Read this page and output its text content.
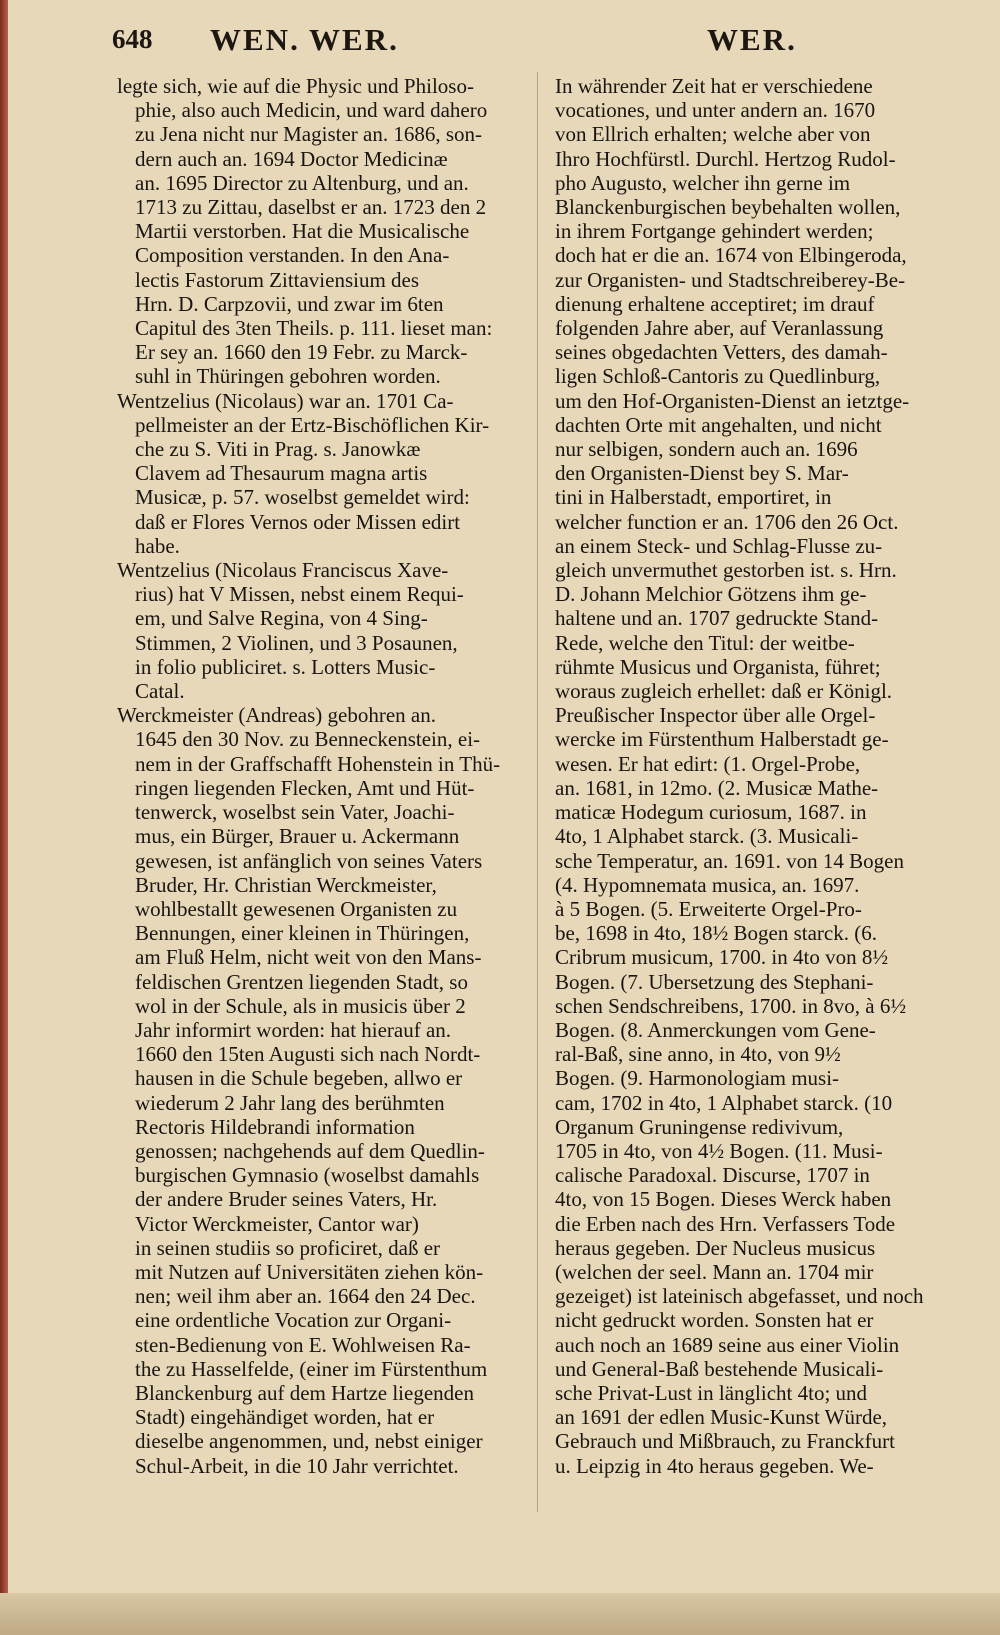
648 WEN. WER.	WER.
legte sich, wie auf die Physic und Philoso-
phie, also auch Medicin, und ward dahero
zu Jena nicht nur Magister an. 1686, son-
dern auch an. 1694 Doctor Medicinæ
an. 1695 Director zu Altenburg, und an.
1713 zu Zittau, daselbst er an. 1723 den 2
Martii verstorben. Hat die Musicalische
Composition verstanden. In den Ana-
lectis Fastorum Zittaviensium des
Hrn. D. Carpzovii, und zwar im 6ten
Capitul des 3ten Theils. p. 111. lieset man:
Er sey an. 1660 den 19 Febr. zu Marck-
suhl in Thüringen gebohren worden.
Wentzelius (Nicolaus) war an. 1701 Ca-
pellmeister an der Ertz-Bischöflichen Kir-
che zu S. Viti in Prag. s. Janowkæ
Clavem ad Thesaurum magna artis
Musicæ, p. 57. woselbst gemeldet wird:
daß er Flores Vernos oder Missen edirt
habe.
Wentzelius (Nicolaus Franciscus Xave-
rius) hat V Missen, nebst einem Requi-
em, und Salve Regina, von 4 Sing-
Stimmen, 2 Violinen, und 3 Posaunen,
in folio publiciret. s. Lotters Music-
Catal.
Werckmeister (Andreas) gebohren an.
1645 den 30 Nov. zu Benneckenstein, ei-
nem in der Graffschafft Hohenstein in Thü-
ringen liegenden Flecken, Amt und Hüt-
tenwerck, woselbst sein Vater, Joachi-
mus, ein Bürger, Brauer u. Ackermann
gewesen, ist anfänglich von seines Vaters
Bruder, Hr. Christian Werckmeister,
wohlbestallt gewesenen Organisten zu
Bennungen, einer kleinen in Thüringen,
am Fluß Helm, nicht weit von den Mans-
feldischen Grentzen liegenden Stadt, so
wol in der Schule, als in musicis über 2
Jahr informirt worden: hat hierauf an.
1660 den 15ten Augusti sich nach Nordt-
hausen in die Schule begeben, allwo er
wiederum 2 Jahr lang des berühmten
Rectoris Hildebrandi information
genossen; nachgehends auf dem Quedlin-
burgischen Gymnasio (woselbst damahls
der andere Bruder seines Vaters, Hr.
Victor Werckmeister, Cantor war)
in seinen studiis so proficiret, daß er
mit Nutzen auf Universitäten ziehen kön-
nen; weil ihm aber an. 1664 den 24 Dec.
eine ordentliche Vocation zur Organi-
sten-Bedienung von E. Wohlweisen Ra-
the zu Hasselfelde, (einer im Fürstenthum
Blanckenburg auf dem Hartze liegenden
Stadt) eingehändiget worden, hat er
dieselbe angenommen, und, nebst einiger
Schul-Arbeit, in die 10 Jahr verrichtet.
In währender Zeit hat er verschiedene
vocationes, und unter andern an. 1670
von Ellrich erhalten; welche aber von
Ihro Hochfürstl. Durchl. Hertzog Rudol-
pho Augusto, welcher ihn gerne im
Blanckenburgischen beybehalten wollen,
in ihrem Fortgange gehindert werden;
doch hat er die an. 1674 von Elbingeroda,
zur Organisten- und Stadtschreiberey-Be-
dienung erhaltene acceptiret; im drauf
folgenden Jahre aber, auf Veranlassung
seines obgedachten Vetters, des damah-
ligen Schloß-Cantoris zu Quedlinburg,
um den Hof-Organisten-Dienst an ietztge-
dachten Orte mit angehalten, und nicht
nur selbigen, sondern auch an. 1696
den Organisten-Dienst bey S. Mar-
tini in Halberstadt, emportiret, in
welcher function er an. 1706 den 26 Oct.
an einem Steck- und Schlag-Flusse zu-
gleich unvermuthet gestorben ist. s. Hrn.
D. Johann Melchior Götzens ihm ge-
haltene und an. 1707 gedruckte Stand-
Rede, welche den Titul: der weitbe-
rühmte Musicus und Organista, führet;
woraus zugleich erhellet: daß er Königl.
Preußischer Inspector über alle Orgel-
wercke im Fürstenthum Halberstadt ge-
wesen. Er hat edirt: (1. Orgel-Probe,
an. 1681, in 12mo. (2. Musicæ Mathe-
maticæ Hodegum curiosum, 1687. in
4to, 1 Alphabet starck. (3. Musicali-
sche Temperatur, an. 1691. von 14 Bogen
(4. Hypomnemata musica, an. 1697.
à 5 Bogen. (5. Erweiterte Orgel-Pro-
be, 1698 in 4to, 18½ Bogen starck. (6.
Cribrum musicum, 1700. in 4to von 8½
Bogen. (7. Ubersetzung des Stephani-
schen Sendschreibens, 1700. in 8vo, à 6½
Bogen. (8. Anmerckungen vom Gene-
ral-Baß, sine anno, in 4to, von 9½
Bogen. (9. Harmonologiam musi-
cam, 1702 in 4to, 1 Alphabet starck. (10
Organum Gruningense redivivum,
1705 in 4to, von 4½ Bogen. (11. Musi-
calische Paradoxal. Discurse, 1707 in
4to, von 15 Bogen. Dieses Werck haben
die Erben nach des Hrn. Verfassers Tode
heraus gegeben. Der Nucleus musicus
(welchen der seel. Mann an. 1704 mir
gezeiget) ist lateinisch abgefasset, und noch
nicht gedruckt worden. Sonsten hat er
auch noch an 1689 seine aus einer Violin
und General-Baß bestehende Musicali-
sche Privat-Lust in länglicht 4to; und
an 1691 der edlen Music-Kunst Würde,
Gebrauch und Mißbrauch, zu Franckfurt
u. Leipzig in 4to heraus gegeben. We-
